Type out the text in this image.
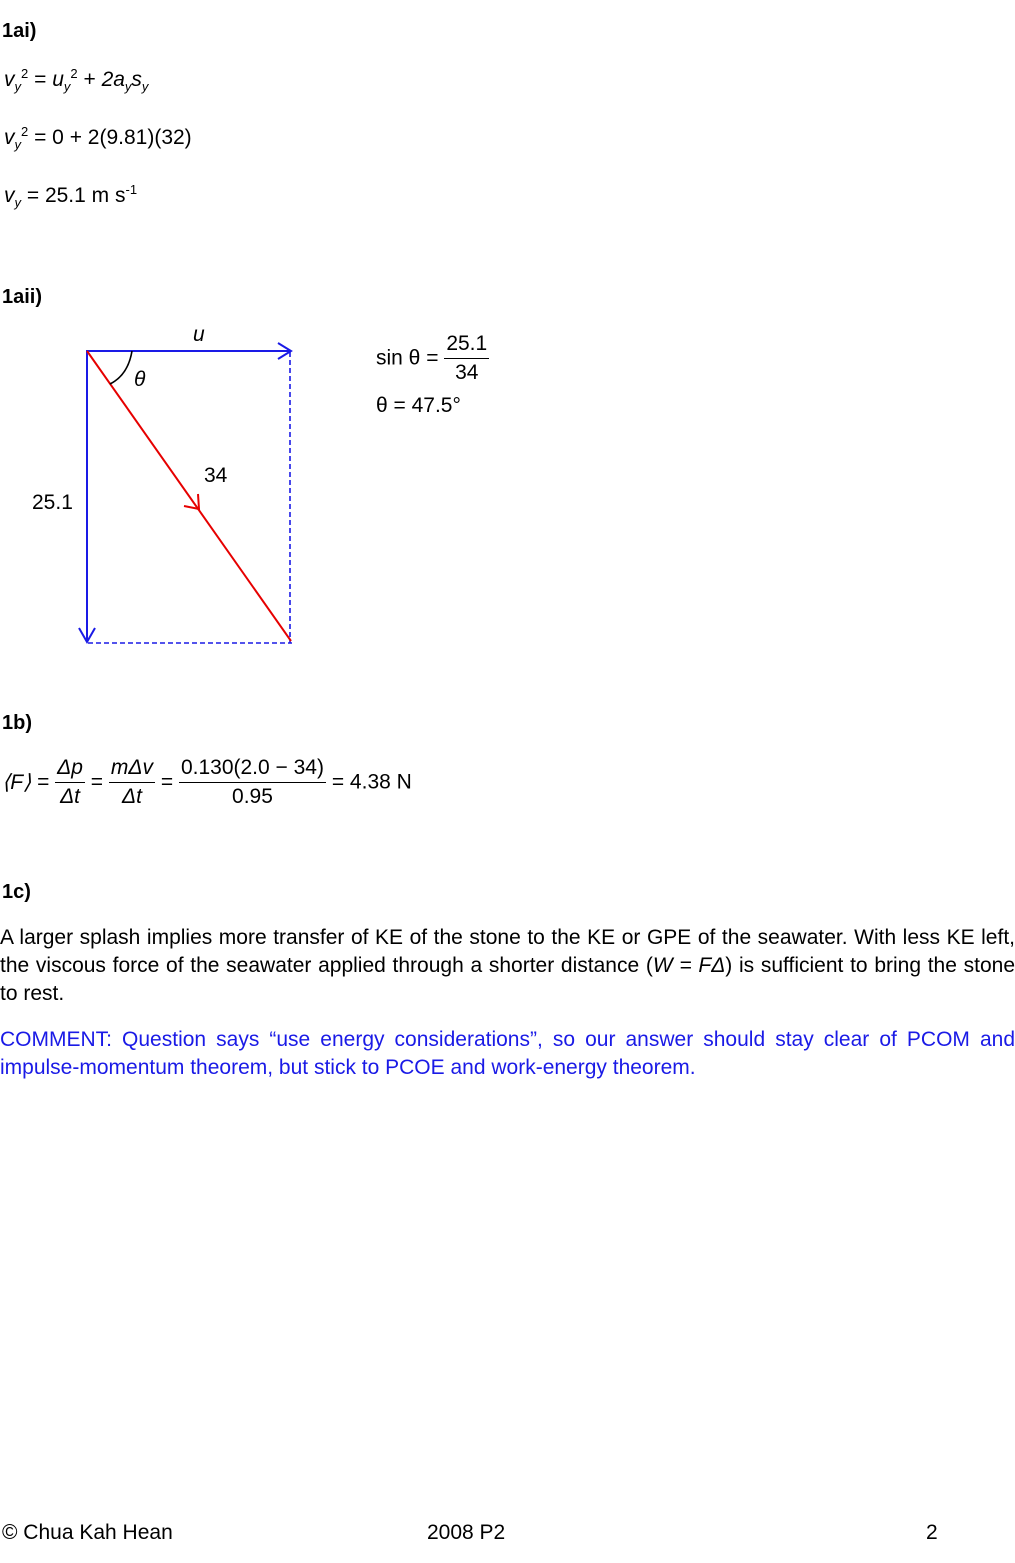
1ai)
$v_y^2 = u_y^2 + 2a_ys_y$
$v_y^2 = 0 + 2(9.81)(32)$
$v_y = 25.1$ m $s^{-1}$
1aii)
u
θ
34
25.1
$\sin \theta = \frac{25.1}{34}$
θ = 47.5°
1b)
⟨F⟩ = $\frac{\Delta p}{\Delta t} = \frac{\text{mΔv}}{\Delta t} = \frac{0.130(2.0 - 34)}{0.95} = 4.38$ N
1c)
A larger splash implies more transfer of KE of the stone to the KE or GPE of the seawater. With less KE left, the viscous force of the seawater applied through a shorter distance (W = FΔ) is sufficient to bring the stone to rest.
COMMENT: Question says “use energy considerations”, so our answer should stay clear of PCOM and impulse-momentum theorem, but stick to PCOE and work-energy theorem.
© Chua Kah Hean	2008 P2	2
